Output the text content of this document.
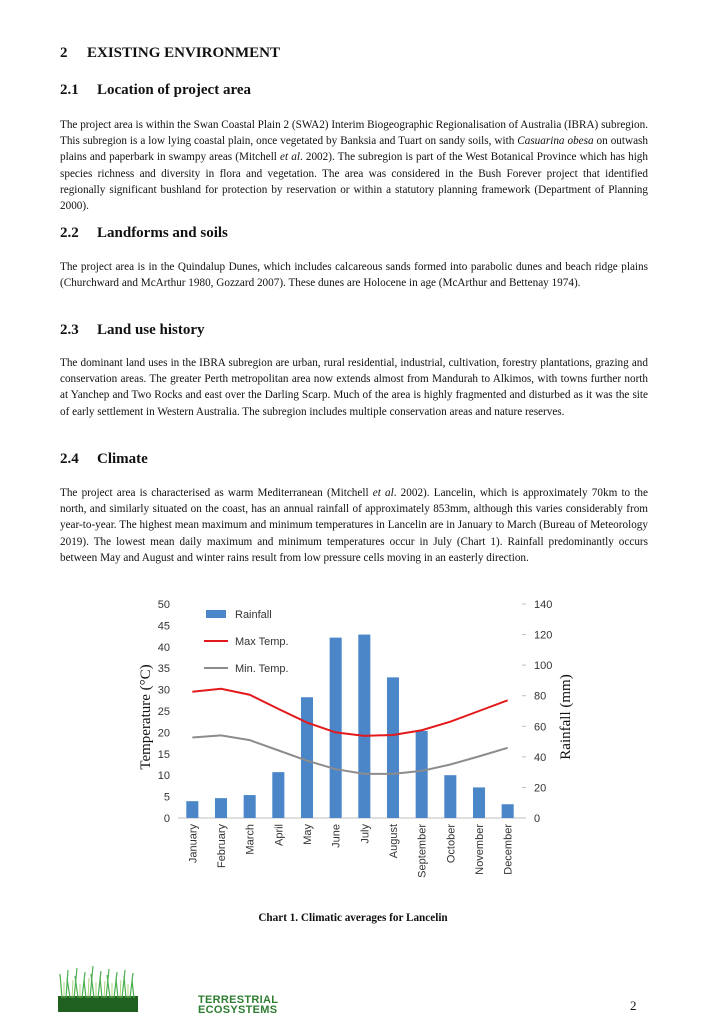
2 EXISTING ENVIRONMENT
2.1 Location of project area

The project area is within the Swan Coastal Plain 2 (SWA2) Interim Biogeographic Regionalisation of Australia (IBRA) subregion. This subregion is a low lying coastal plain, once vegetated by Banksia and Tuart on sandy soils, with Casuarina obesa on outwash plains and paperbark in swampy areas (Mitchell et al. 2002). The subregion is part of the West Botanical Province which has high species richness and diversity in flora and vegetation. The area was considered in the Bush Forever project that identified regionally significant bushland for protection by reservation or within a statutory planning framework (Department of Planning 2000).

2.2 Landforms and soils

The project area is in the Quindalup Dunes, which includes calcareous sands formed into parabolic dunes and beach ridge plains (Churchward and McArthur 1980, Gozzard 2007). These dunes are Holocene in age (McArthur and Bettenay 1974).

2.3 Land use history

The dominant land uses in the IBRA subregion are urban, rural residential, industrial, cultivation, forestry plantations, grazing and conservation areas. The greater Perth metropolitan area now extends almost from Mandurah to Alkimos, with towns further north at Yanchep and Two Rocks and east over the Darling Scarp. Much of the area is highly fragmented and disturbed as it was the site of early settlement in Western Australia. The subregion includes multiple conservation areas and nature reserves.

2.4 Climate

The project area is characterised as warm Mediterranean (Mitchell et al. 2002). Lancelin, which is approximately 70km to the north, and similarly situated on the coast, has an annual rainfall of approximately 853mm, although this varies considerably from year-to-year. The highest mean maximum and minimum temperatures in Lancelin are in January to March (Bureau of Meteorology 2019). The lowest mean daily maximum and minimum temperatures occur in July (Chart 1). Rainfall predominantly occurs between May and August and winter rains result from low pressure cells moving in an easterly direction.

0
5
10
15
20
25
30
35
40
45
50
0
20
40
60
80
100
120
140
January February March April May June July August September October November December
Temperature (°C)	Rainfall (mm)
Rainfall
Max Temp.
Min. Temp.
Chart 1. Climatic averages for Lancelin
TERRESTRIAL
ECOSYSTEMS	2
